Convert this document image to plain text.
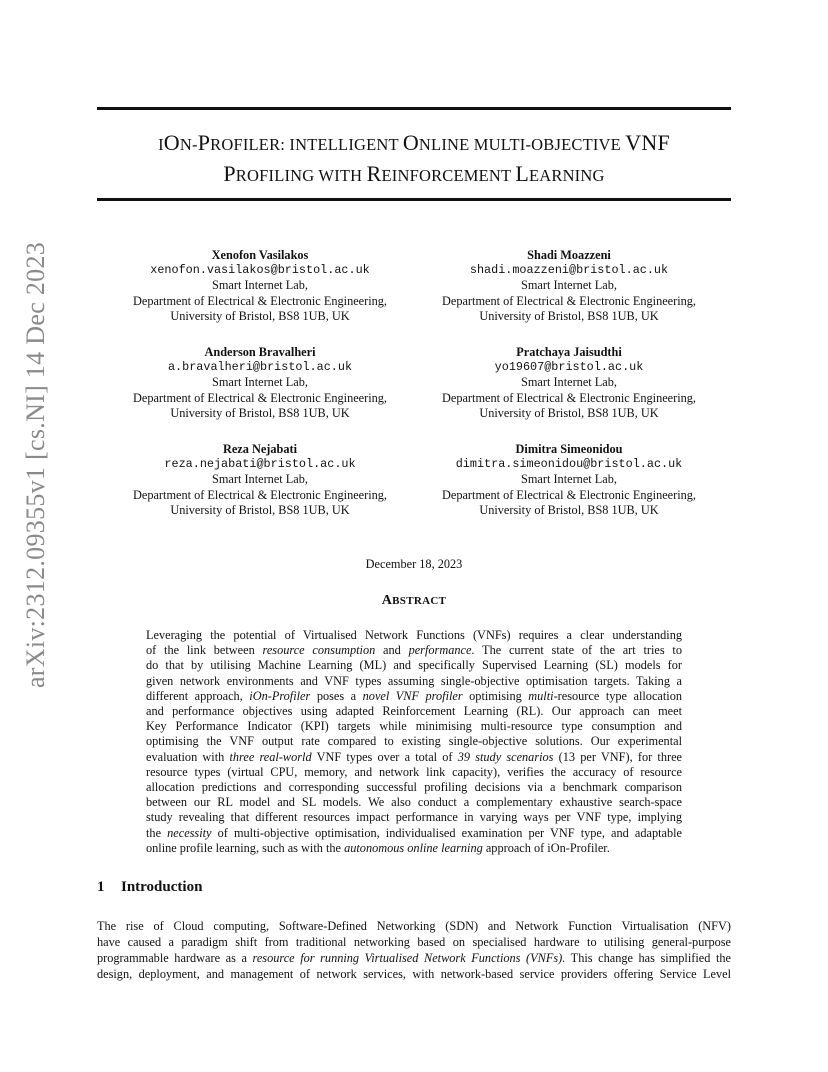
arXiv:2312.09355v1 [cs.NI] 14 Dec 2023
ION-PROFILER: INTELLIGENT ONLINE MULTI-OBJECTIVE VNF
PROFILING WITH REINFORCEMENT LEARNING
Xenofon Vasilakos
xenofon.vasilakos@bristol.ac.uk
Smart Internet Lab,
Department of Electrical & Electronic Engineering,
University of Bristol, BS8 1UB, UK
Shadi Moazzeni
shadi.moazzeni@bristol.ac.uk
Smart Internet Lab,
Department of Electrical & Electronic Engineering,
University of Bristol, BS8 1UB, UK
Anderson Bravalheri
a.bravalheri@bristol.ac.uk
Smart Internet Lab,
Department of Electrical & Electronic Engineering,
University of Bristol, BS8 1UB, UK
Pratchaya Jaisudthi
yo19607@bristol.ac.uk
Smart Internet Lab,
Department of Electrical & Electronic Engineering,
University of Bristol, BS8 1UB, UK
Reza Nejabati
reza.nejabati@bristol.ac.uk
Smart Internet Lab,
Department of Electrical & Electronic Engineering,
University of Bristol, BS8 1UB, UK
Dimitra Simeonidou
dimitra.simeonidou@bristol.ac.uk
Smart Internet Lab,
Department of Electrical & Electronic Engineering,
University of Bristol, BS8 1UB, UK
December 18, 2023
ABSTRACT
Leveraging the potential of Virtualised Network Functions (VNFs) requires a clear understanding
of the link between resource consumption and performance. The current state of the art tries to
do that by utilising Machine Learning (ML) and specifically Supervised Learning (SL) models for
given network environments and VNF types assuming single-objective optimisation targets. Taking a
different approach, iOn-Profiler poses a novel VNF profiler optimising multi-resource type allocation
and performance objectives using adapted Reinforcement Learning (RL). Our approach can meet
Key Performance Indicator (KPI) targets while minimising multi-resource type consumption and
optimising the VNF output rate compared to existing single-objective solutions. Our experimental
evaluation with three real-world VNF types over a total of 39 study scenarios (13 per VNF), for three
resource types (virtual CPU, memory, and network link capacity), verifies the accuracy of resource
allocation predictions and corresponding successful profiling decisions via a benchmark comparison
between our RL model and SL models. We also conduct a complementary exhaustive search-space
study revealing that different resources impact performance in varying ways per VNF type, implying
the necessity of multi-objective optimisation, individualised examination per VNF type, and adaptable
online profile learning, such as with the autonomous online learning approach of iOn-Profiler.
1 Introduction
The rise of Cloud computing, Software-Defined Networking (SDN) and Network Function Virtualisation (NFV)
have caused a paradigm shift from traditional networking based on specialised hardware to utilising general-purpose
programmable hardware as a resource for running Virtualised Network Functions (VNFs). This change has simplified the
design, deployment, and management of network services, with network-based service providers offering Service Level
